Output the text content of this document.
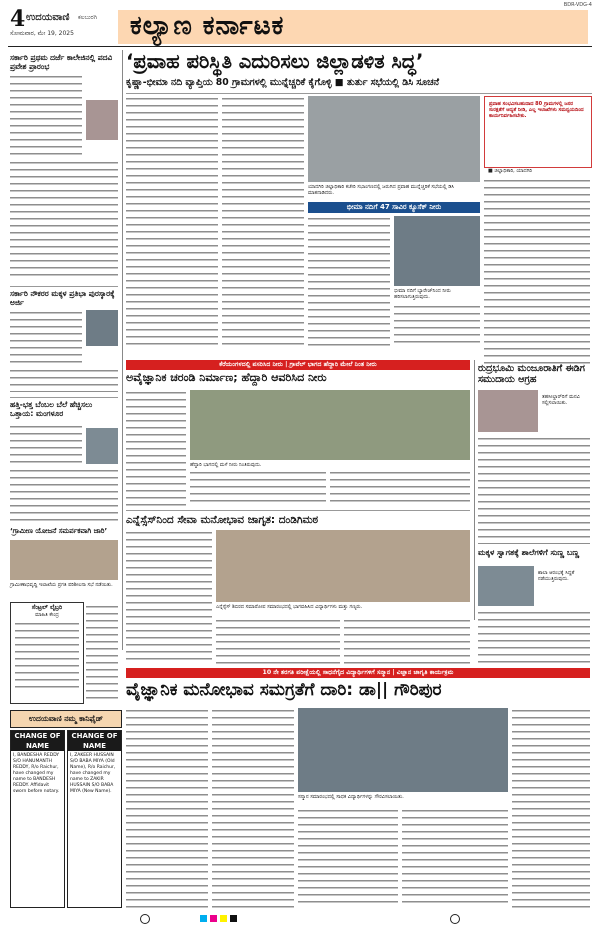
BDR-VDG-4
4 ಉದಯವಾಣಿ ಕಲಬುರಗಿ
ಸೋಮವಾರ, ಮೇ 19, 2025 ಕಲ್ಯಾಣ ಕರ್ನಾಟಕ
ಸರ್ಕಾರಿ ಪ್ರಥಮ ದರ್ಜೆ ಕಾಲೇಜಿನಲ್ಲಿ ಪದವಿ ಪ್ರವೇಶ ಪ್ರಾರಂಭ
ಸರ್ಕಾರಿ ನೌಕರರ ಮಕ್ಕಳ ಪ್ರತಿಭಾ ಪುರಸ್ಕಾರಕ್ಕೆ ಅರ್ಜಿ
ಹತ್ತಿ-ಭತ್ತ ಬೆಂಬಲ ಬೆಲೆ ಹೆಚ್ಚಿಸಲು ಒತ್ತಾಯ: ಮಂಗಳೂರ
‘ಗ್ರಾಮೀಣ ಯೋಜನೆ ಸಮರ್ಪಕವಾಗಿ ಜಾರಿ’
ಗ್ರಾಮೀಣಾಭಿವೃದ್ಧಿ ಇಲಾಖೆಯ ಪ್ರಗತಿ ಪರಿಶೀಲನಾ ಸಭೆ ನಡೆಯಿತು.
ಸೆಂಟ್ರಲ್ ಲೈಬ್ರರಿ
ಮಾಹಿತಿ ಕೇಂದ್ರ
‘ಪ್ರವಾಹ ಪರಿಸ್ಥಿತಿ ಎದುರಿಸಲು ಜಿಲ್ಲಾಡಳಿತ ಸಿದ್ಧ’
ಕೃಷ್ಣಾ-ಭೀಮಾ ನದಿ ವ್ಯಾಪ್ತಿಯ 80 ಗ್ರಾಮಗಳಲ್ಲಿ ಮುನ್ನೆಚ್ಚರಿಕೆ ಕೈಗೊಳ್ಳಿ ■ ತುರ್ತು ಸಭೆಯಲ್ಲಿ ಡಿಸಿ ಸೂಚನೆ
ಯಾದಗಿರಿ ಜಿಲ್ಲಾಧಿಕಾರಿ ಕಚೇರಿ ಸಭಾಂಗಣದಲ್ಲಿ ಜರುಗಿದ ಪ್ರವಾಹ ಮುನ್ನೆಚ್ಚರಿಕೆ ಸಭೆಯಲ್ಲಿ ಡಿಸಿ ಮಾತನಾಡಿದರು.
ಪ್ರವಾಹ ಸಂಭವಿಸಬಹುದಾದ 80 ಗ್ರಾಮಗಳಲ್ಲಿ ಜನರ ಸುರಕ್ಷತೆಗೆ ಆದ್ಯತೆ ನೀಡಿ, ಎಲ್ಲ ಇಲಾಖೆಗಳು ಸಮನ್ವಯದಿಂದ ಕಾರ್ಯನಿರ್ವಹಿಸಬೇಕು.
■ ಜಿಲ್ಲಾಧಿಕಾರಿ, ಯಾದಗಿರಿ
ಭೀಮಾ ನದಿಗೆ 47 ಸಾವಿರ ಕ್ಯೂಸೆಕ್ ನೀರು
ಭೀಮಾ ನದಿಗೆ ಬ್ಯಾರೇಜ್‌ನಿಂದ ನೀರು ಹರಿಸಲಾಗುತ್ತಿರುವುದು.
ಕೆರೆಯಂಗಳದಲ್ಲಿ ಪಸರಿಸಿದ ನೀರು | ಗ್ರಾವೆಲ್ ಭಾಗದ ಹೆದ್ದಾರಿ ಮೇಲೆ ನಿಂತ ನೀರು
ಅವೈಜ್ಞಾನಿಕ ಚರಂಡಿ ನಿರ್ಮಾಣ; ಹೆದ್ದಾರಿ ಆವರಿಸಿದ ನೀರು
ಹೆದ್ದಾರಿ ಭಾಗದಲ್ಲಿ ಮಳೆ ನೀರು ನಿಂತಿರುವುದು.
ರುದ್ರಭೂಮಿ ಮಂಜೂರಾತಿಗೆ ಈಡಿಗ ಸಮುದಾಯ ಆಗ್ರಹ
ತಹಸೀಲ್ದಾರ್‌ರಿಗೆ ಮನವಿ ಸಲ್ಲಿಸಲಾಯಿತು.
ಎನ್ನೆಸ್ಸೆಸ್‌ನಿಂದ ಸೇವಾ ಮನೋಭಾವ ಜಾಗೃತ: ದಂಡಿಗಿಮಠ
ಎನ್ನೆಸ್ಸೆಸ್ ಶಿಬಿರದ ಸಮಾರೋಪ ಸಮಾರಂಭದಲ್ಲಿ ಭಾಗವಹಿಸಿದ ವಿದ್ಯಾರ್ಥಿಗಳು ಮತ್ತು ಗಣ್ಯರು.
ಮಕ್ಕಳ ಸ್ವಾಗತಕ್ಕೆ ಶಾಲೆಗಳಿಗೆ ಸುಣ್ಣ ಬಣ್ಣ
ಶಾಲಾ ಆರಂಭಕ್ಕೆ ಸಿದ್ಧತೆ ನಡೆಯುತ್ತಿರುವುದು.
10 ನೇ ತರಗತಿ ಪರೀಕ್ಷೆಯಲ್ಲಿ ಸಾಧನೆಗೈದ ವಿದ್ಯಾರ್ಥಿಗಳಿಗೆ ಸನ್ಮಾನ | ವಿಜ್ಞಾನ ಜಾಗೃತಿ ಕಾರ್ಯಕ್ರಮ
ವೈಜ್ಞಾನಿಕ ಮನೋಭಾವ ಸಮಗ್ರತೆಗೆ ದಾರಿ: ಡಾ|| ಗೌರಿಪುರ
ಸನ್ಮಾನ ಸಮಾರಂಭದಲ್ಲಿ ಸಾಧಕ ವಿದ್ಯಾರ್ಥಿಗಳನ್ನು ಗೌರವಿಸಲಾಯಿತು.
ಉದಯವಾಣಿ ನಮ್ಮ ಕಾನಿಫೈಡ್
CHANGE OF NAME
I, BANDESHA REDDY S/O HANUMANTH REDDY, R/o Raichur, have changed my name to BANDESH REDDY. Affidavit sworn before notary.
CHANGE OF NAME
I, ZAKEER HUSSAIN S/O BABA MIYA (Old Name), R/o Raichur, have changed my name to ZAKIR HUSSAIN S/O BABA MIYA (New Name).
